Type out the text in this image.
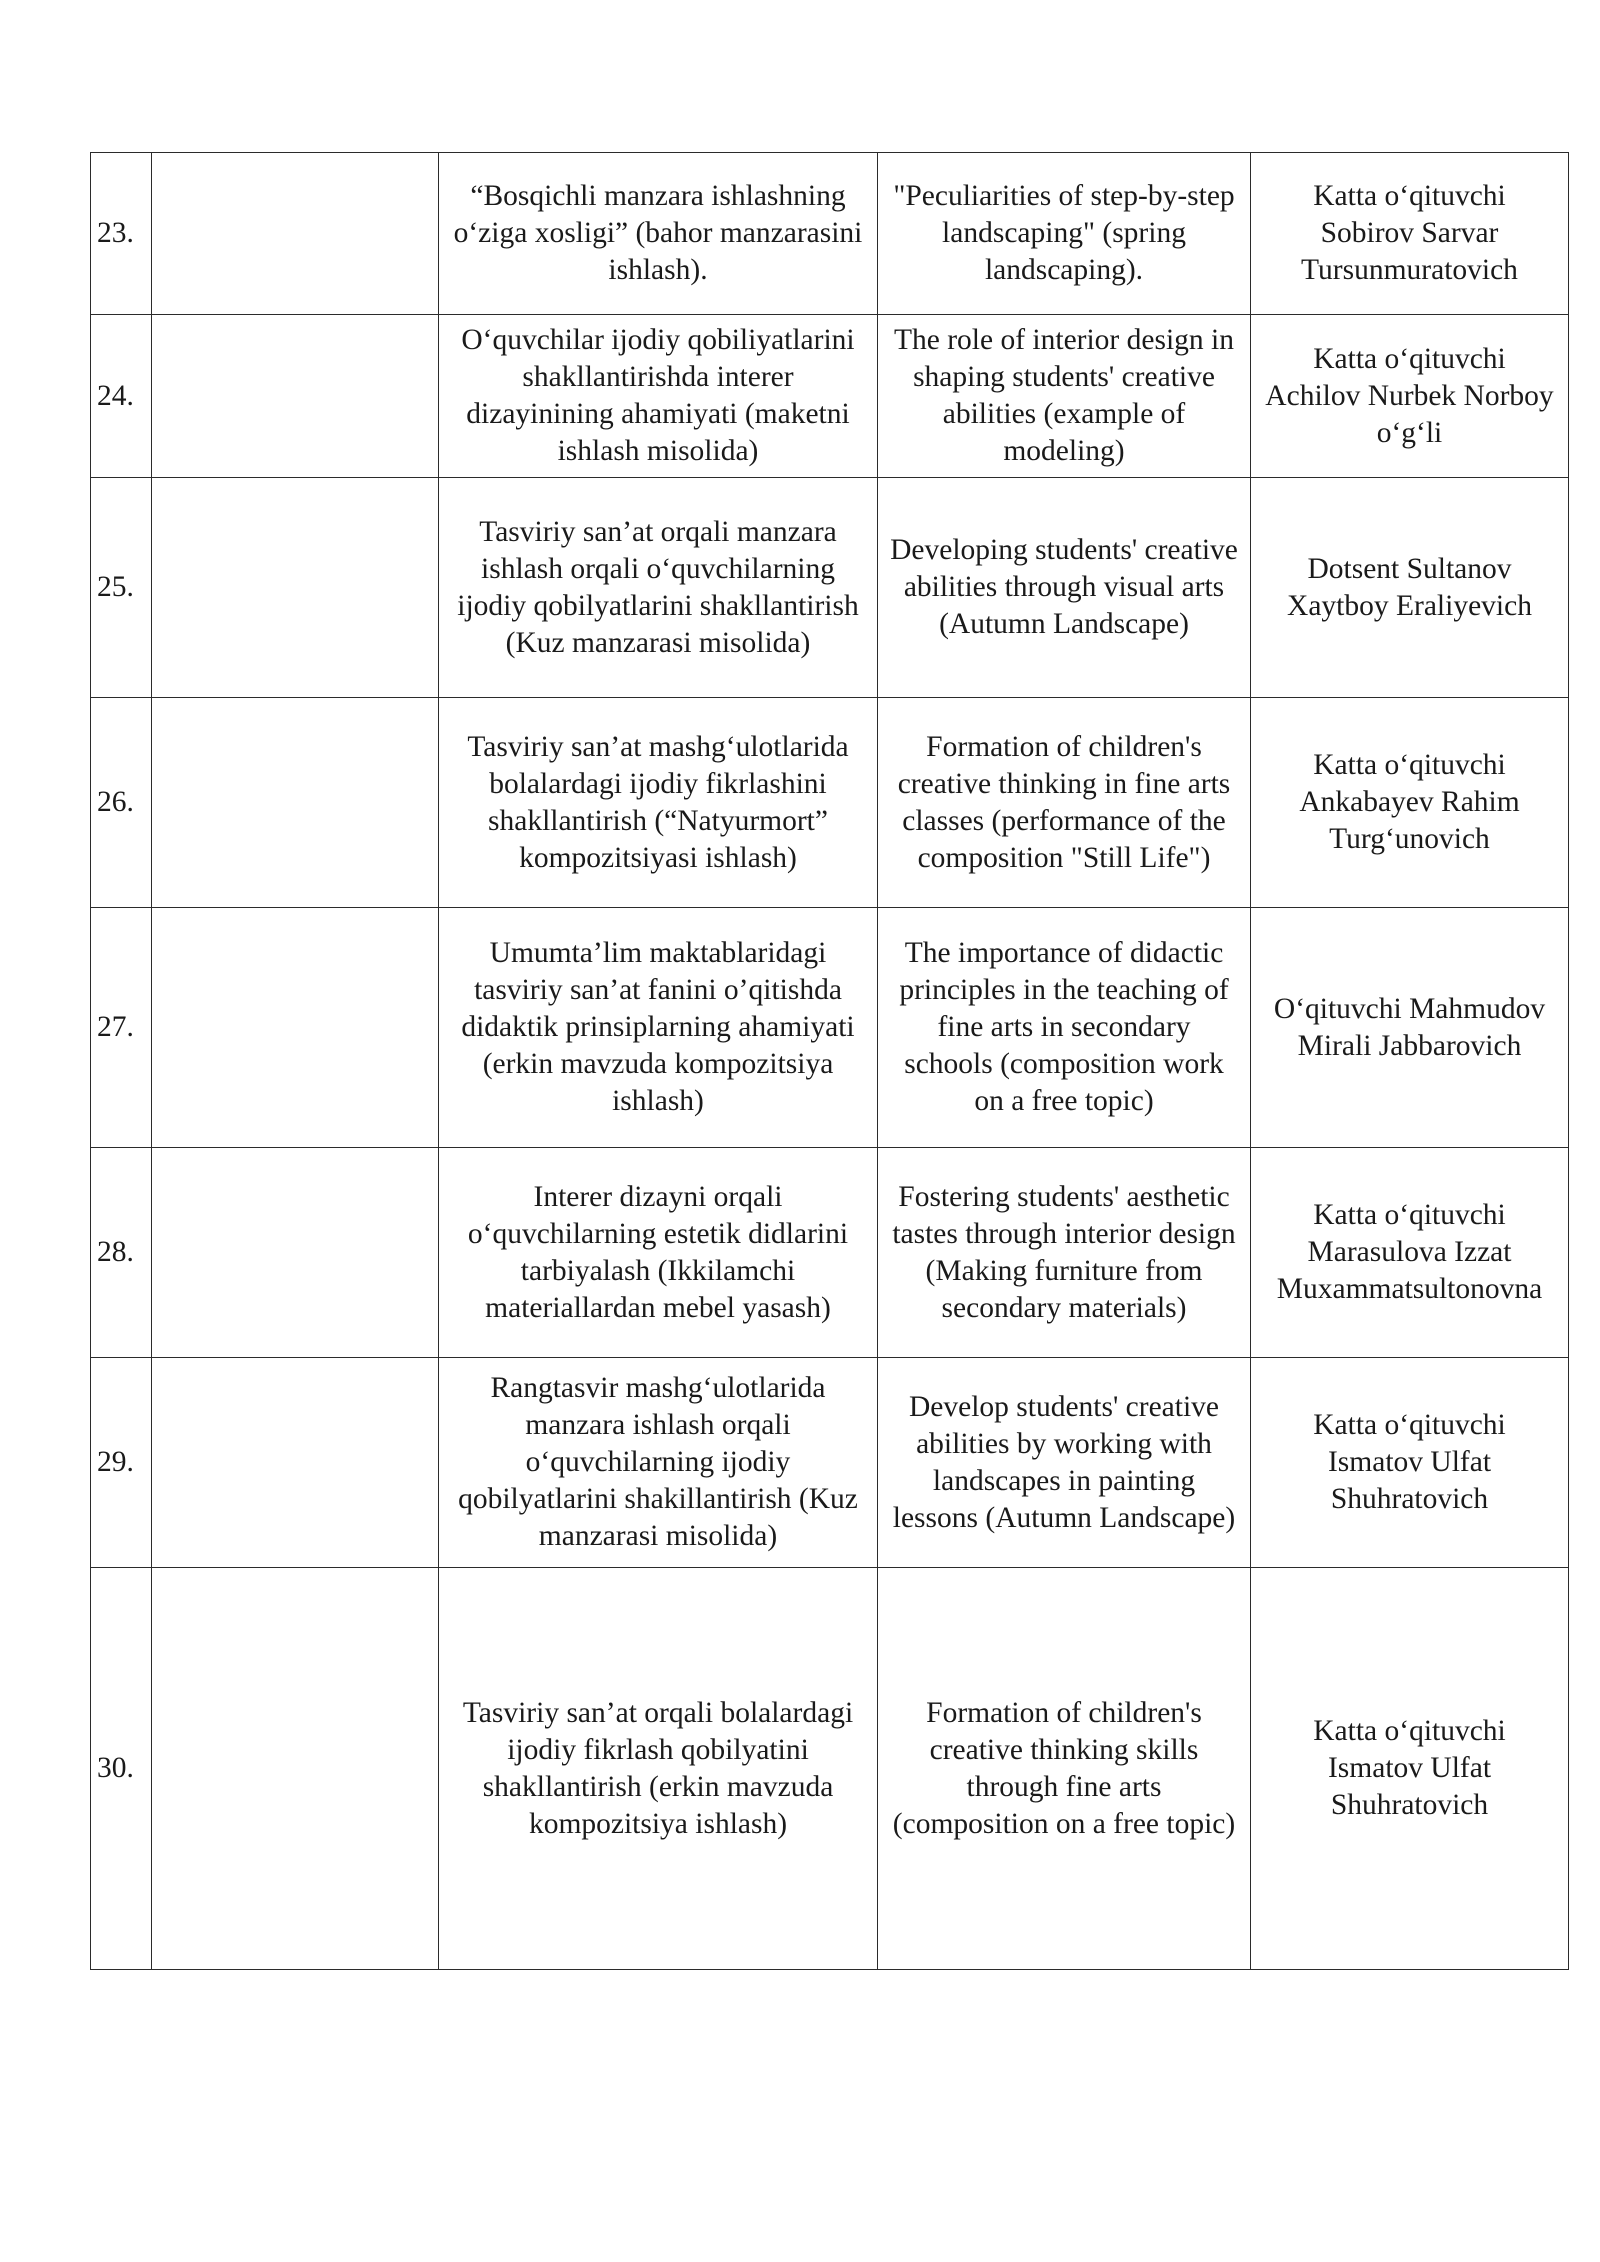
23.		“Bosqichli manzara ishlashning o‘ziga xosligi” (bahor manzarasini ishlash).	"Peculiarities of step-by-step landscaping" (spring landscaping).	Katta o‘qituvchi Sobirov Sarvar Tursunmuratovich
24.		O‘quvchilar ijodiy qobiliyatlarini shakllantirishda interer dizayinining ahamiyati (maketni ishlash misolida)	The role of interior design in shaping students' creative abilities (example of modeling)	Katta o‘qituvchi Achilov Nurbek Norboy o‘g‘li
25.		Tasviriy san’at orqali manzara ishlash orqali o‘quvchilarning ijodiy qobilyatlarini shakllantirish (Kuz manzarasi misolida)	Developing students' creative abilities through visual arts (Autumn Landscape)	Dotsent Sultanov Xaytboy Eraliyevich
26.		Tasviriy san’at mashg‘ulotlarida bolalardagi ijodiy fikrlashini shakllantirish (“Natyurmort” kompozitsiyasi ishlash)	Formation of children's creative thinking in fine arts classes (performance of the composition "Still Life")	Katta o‘qituvchi Ankabayev Rahim Turg‘unovich
27.		Umumta’lim maktablaridagi tasviriy san’at fanini o’qitishda didaktik prinsiplarning ahamiyati (erkin mavzuda kompozitsiya ishlash)	The importance of didactic principles in the teaching of fine arts in secondary schools (composition work on a free topic)	O‘qituvchi Mahmudov Mirali Jabbarovich
28.		Interer dizayni orqali o‘quvchilarning estetik didlarini tarbiyalash (Ikkilamchi materiallardan mebel yasash)	Fostering students' aesthetic tastes through interior design (Making furniture from secondary materials)	Katta o‘qituvchi Marasulova Izzat Muxammatsultonovna
29.		Rangtasvir mashg‘ulotlarida manzara ishlash orqali o‘quvchilarning ijodiy qobilyatlarini shakillantirish (Kuz manzarasi misolida)	Develop students' creative abilities by working with landscapes in painting lessons (Autumn Landscape)	Katta o‘qituvchi Ismatov Ulfat Shuhratovich
30.		Tasviriy san’at orqali bolalardagi ijodiy fikrlash qobilyatini shakllantirish (erkin mavzuda kompozitsiya ishlash)	Formation of children's creative thinking skills through fine arts (composition on a free topic)	Katta o‘qituvchi Ismatov Ulfat Shuhratovich
